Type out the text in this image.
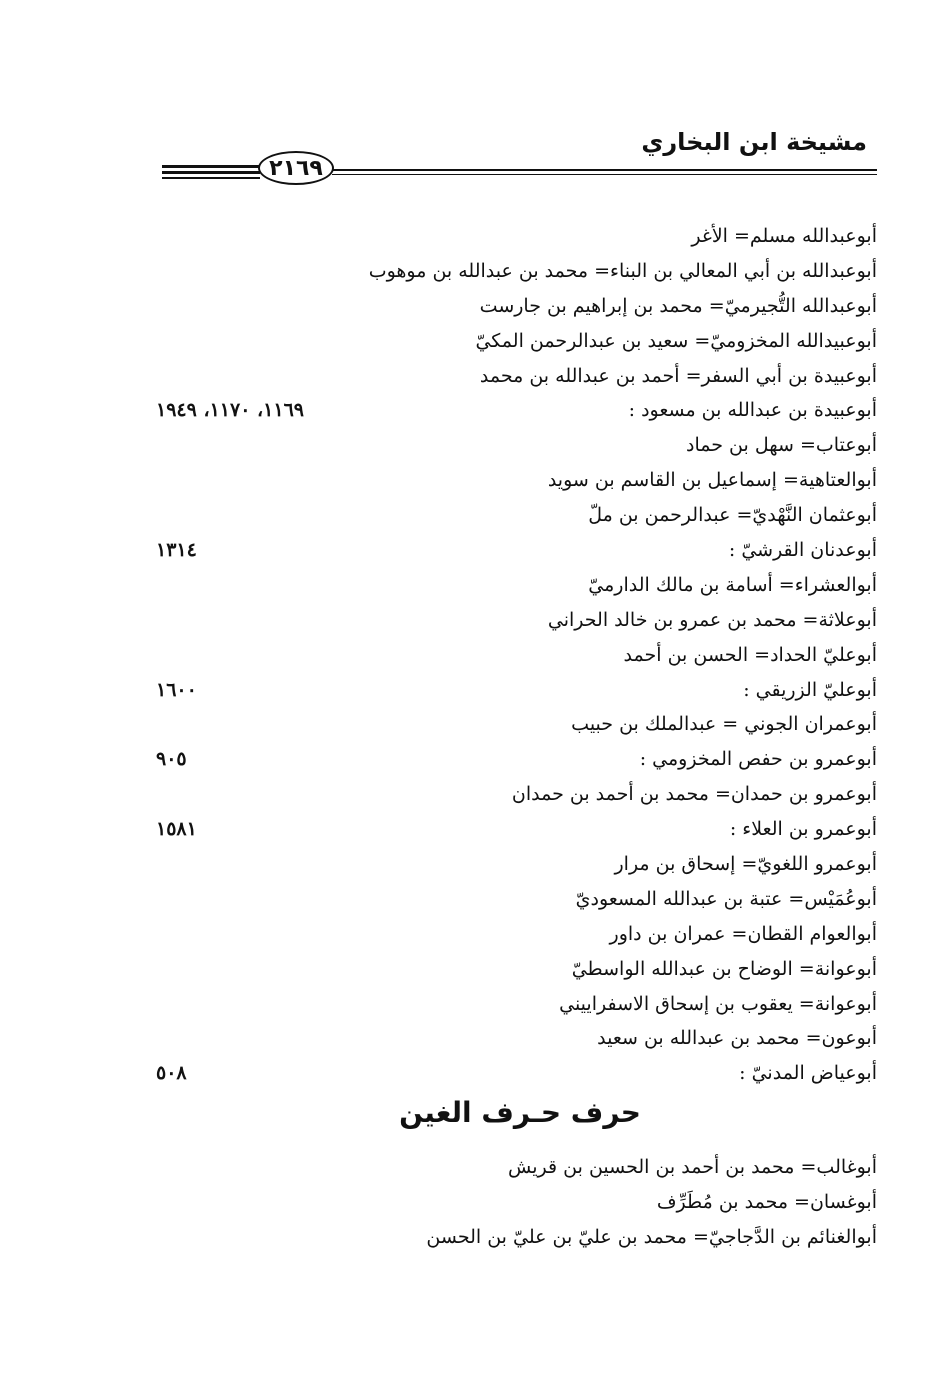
مشيخة ابن البخاري
٢١٦٩
أبوعبدالله مسلم= الأغر
أبوعبدالله بن أبي المعالي بن البناء= محمد بن عبدالله بن موهوب
أبوعبدالله التُّجيرميّ= محمد بن إبراهيم بن جارست
أبوعبيدالله المخزوميّ= سعيد بن عبدالرحمن المكيّ
أبوعبيدة بن أبي السفر= أحمد بن عبدالله بن محمد
أبوعبيدة بن عبدالله بن مسعود :
١١٦٩، ١١٧٠، ١٩٤٩
أبوعتاب= سهل بن حماد
أبوالعتاهية= إسماعيل بن القاسم بن سويد
أبوعثمان النَّهْديّ= عبدالرحمن بن ملّ
أبوعدنان القرشيّ :
١٣١٤
أبوالعشراء= أسامة بن مالك الدارميّ
أبوعلاثة= محمد بن عمرو بن خالد الحراني
أبوعليّ الحداد= الحسن بن أحمد
أبوعليّ الزريقي :
١٦٠٠
أبوعمران الجوني = عبدالملك بن حبيب
أبوعمرو بن حفص المخزومي :
٩٠٥
أبوعمرو بن حمدان= محمد بن أحمد بن حمدان
أبوعمرو بن العلاء :
١٥٨١
أبوعمرو اللغويّ= إسحاق بن مرار
أبوعُمَيْس= عتبة بن عبدالله المسعوديّ
أبوالعوام القطان= عمران بن داور
أبوعوانة= الوضاح بن عبدالله الواسطيّ
أبوعوانة= يعقوب بن إسحاق الاسفراييني
أبوعون= محمد بن عبدالله بن سعيد
أبوعياض المدنيّ :
٥٠٨
حرف حـرف الغين
أبوغالب= محمد بن أحمد بن الحسين بن قريش
أبوغسان= محمد بن مُطَرِّف
أبوالغنائم بن الدَّجاجيّ= محمد بن عليّ بن عليّ بن الحسن
